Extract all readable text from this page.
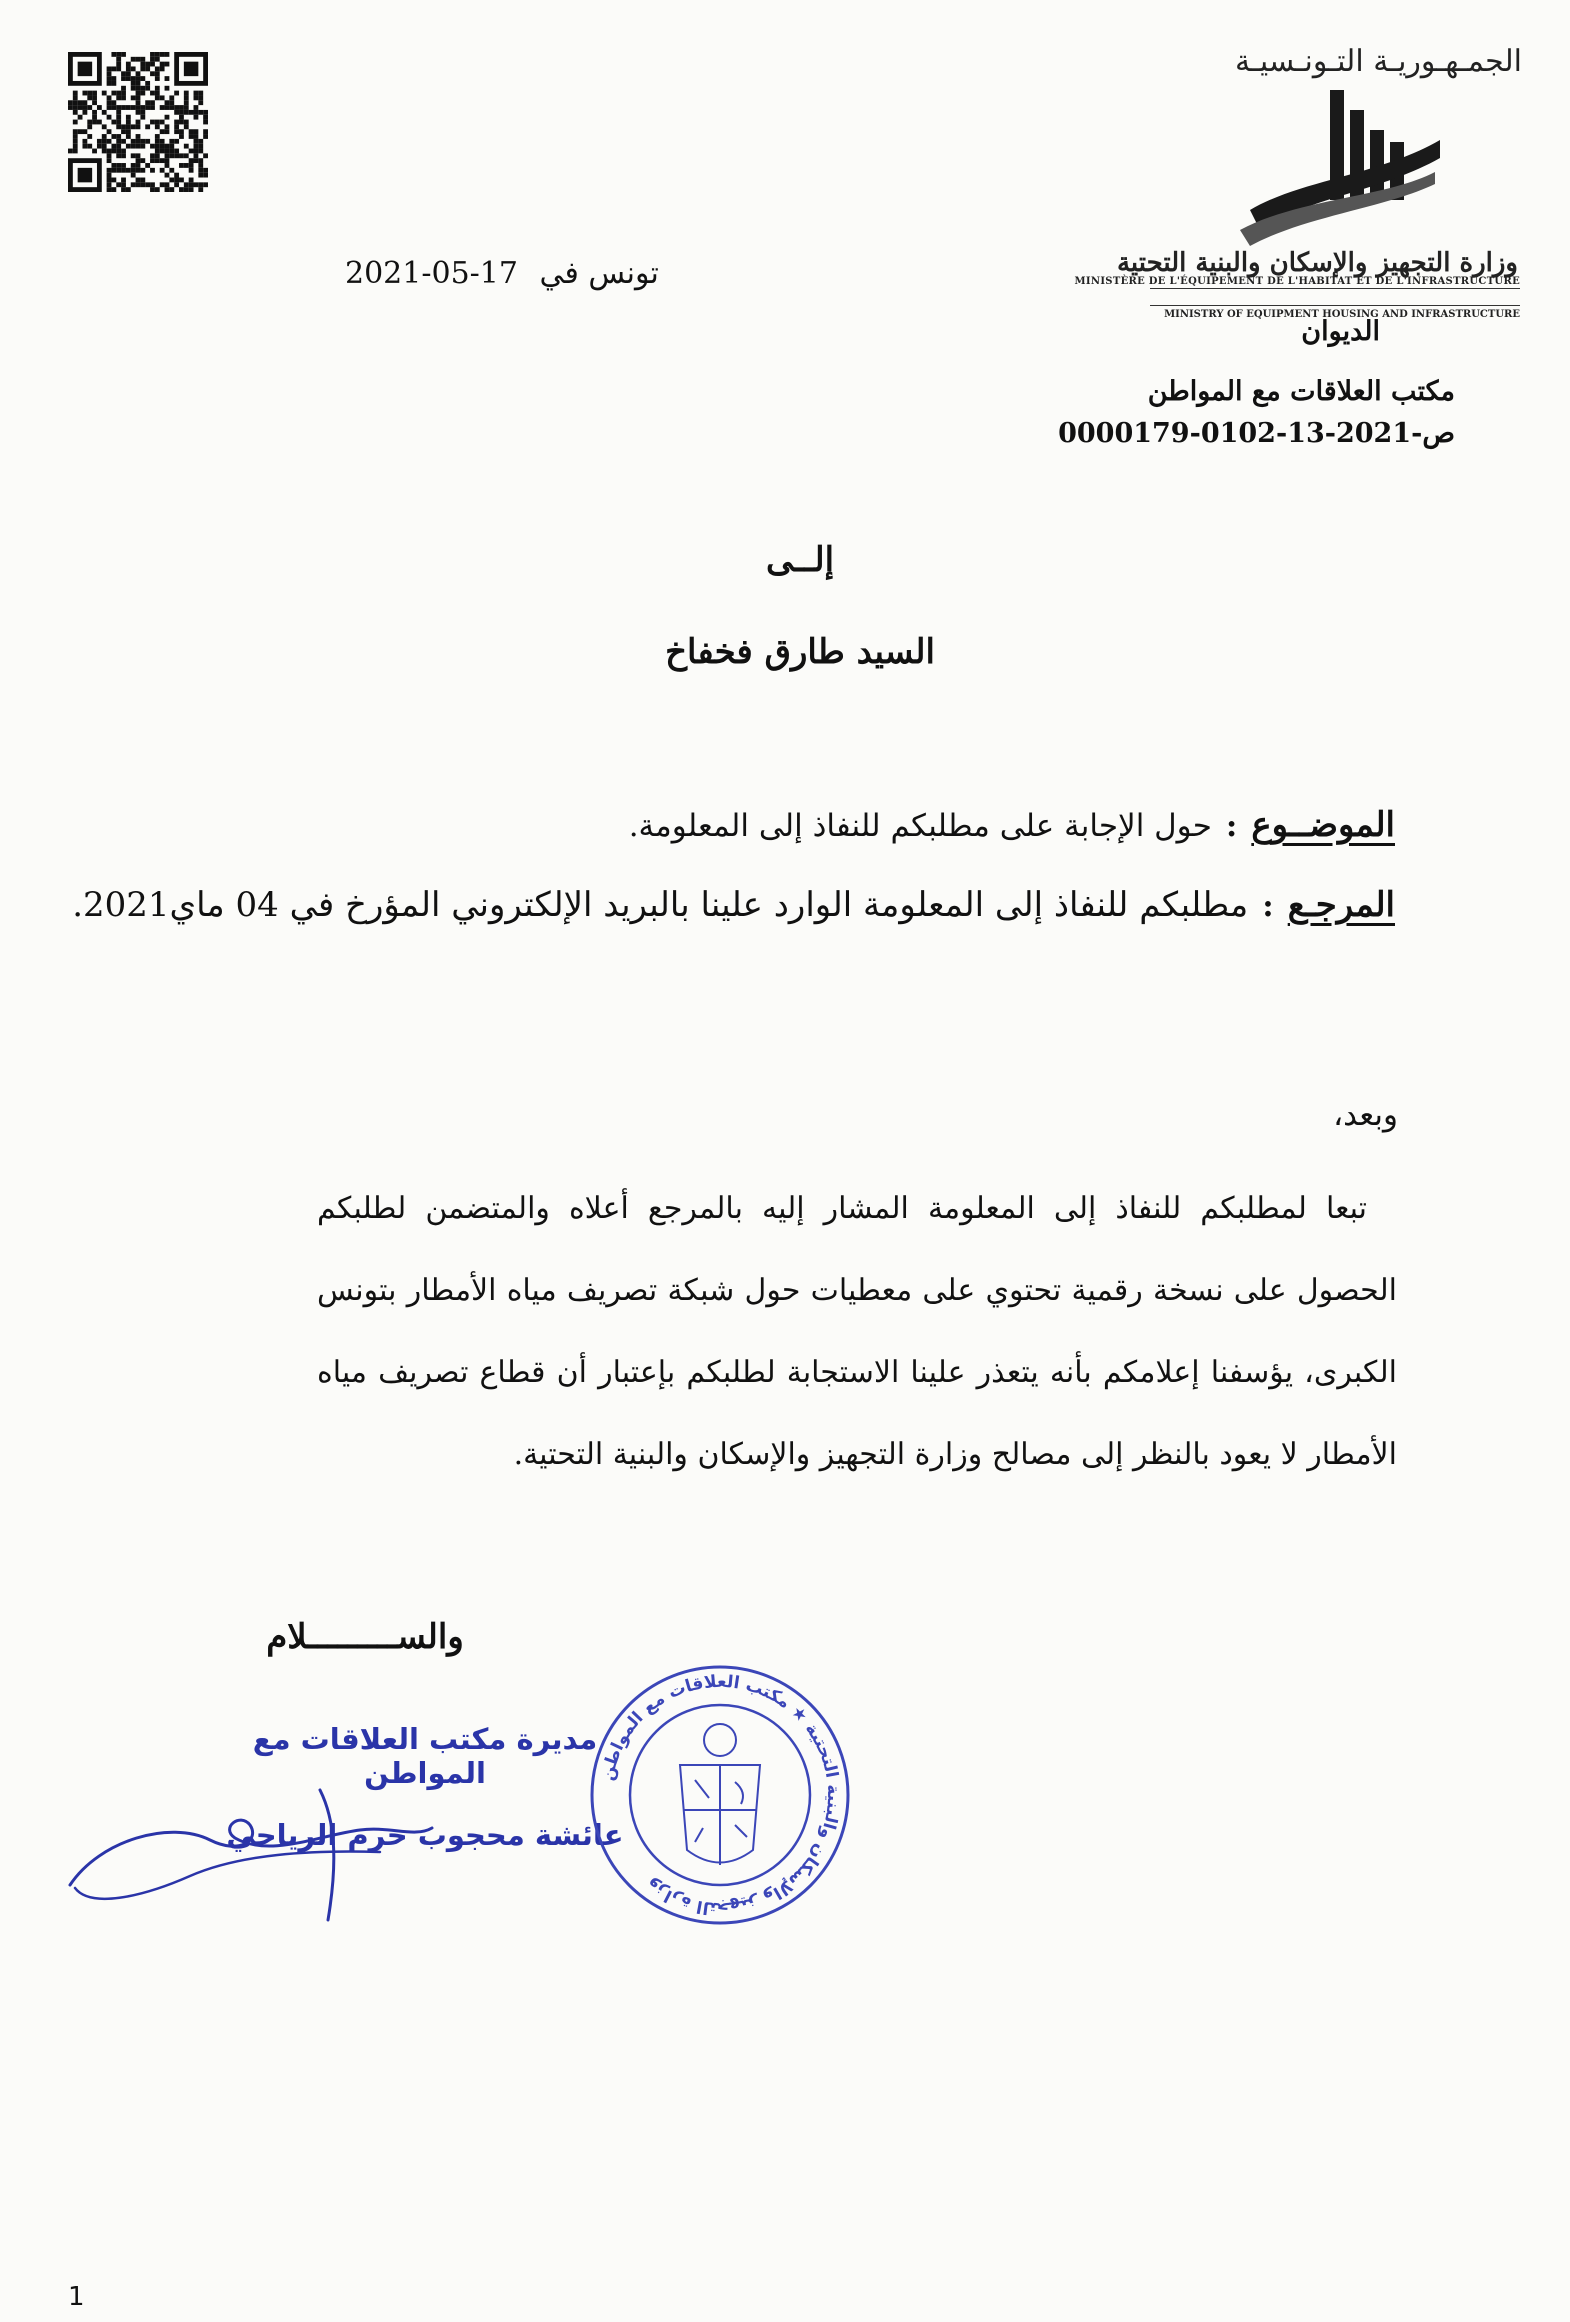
الجمـهـوريـة التـونـسيـة
وزارة التجهيز والإسكان والبنية التحتية
MINISTÈRE DE L'ÉQUIPEMENT DE L'HABITAT ET DE L'INFRASTRUCTURE
MINISTRY OF EQUIPMENT HOUSING AND INFRASTRUCTURE
الديوان
مكتب العلاقات مع المواطن
ص-2021-13-0102-0000179
2021-05-17 تونس في
إلــى
السيد طارق فخفاخ
الموضــوع:حول الإجابة على مطلبكم للنفاذ إلى المعلومة.
المرجـع:مطلبكم للنفاذ إلى المعلومة الوارد علينا بالبريد الإلكتروني المؤرخ في 04 ماي2021.
وبعد،
تبعا لمطلبكم للنفاذ إلى المعلومة المشار إليه بالمرجع أعلاه والمتضمن لطلبكم الحصول على نسخة رقمية تحتوي على معطيات حول شبكة تصريف مياه الأمطار بتونس الكبرى، يؤسفنا إعلامكم بأنه يتعذر علينا الاستجابة لطلبكم بإعتبار أن قطاع تصريف مياه الأمطار لا يعود بالنظر إلى مصالح وزارة التجهيز والإسكان والبنية التحتية.
والســـــــــلام
مديرة مكتب العلاقات مع المواطن
عائشة محجوب حرم الرياحي
وزارة التجهيز والإسكان والبنية التحتية ★ مكتب العلاقات مع المواطن
1
